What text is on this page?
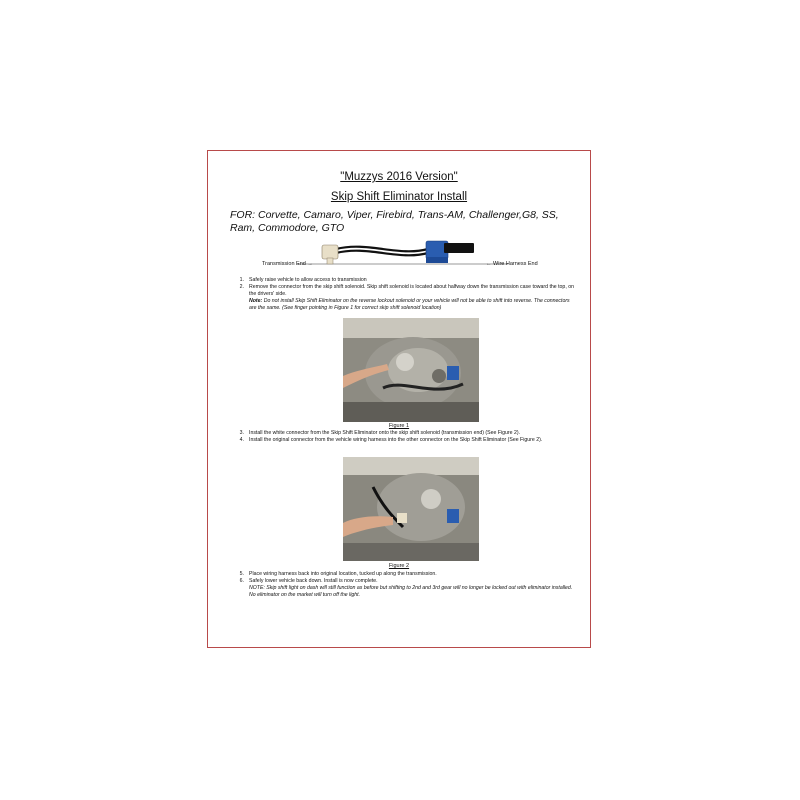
"Muzzys 2016 Version"
Skip Shift Eliminator Install
FOR: Corvette, Camaro, Viper, Firebird, Trans-AM, Challenger,G8, SS, Ram, Commodore, GTO
Transmission End →	← Wire Harness End
1. Safely raise vehicle to allow access to transmission
2. Remove the connector from the skip shift solenoid. Skip shift solenoid is located about halfway down the transmission case toward the top, on the drivers' side.
Note: Do not install Skip Shift Eliminator on the reverse lockout solenoid or your vehicle will not be able to shift into reverse. The connectors are the same. (See finger pointing in Figure 1 for correct skip shift solenoid location)
Figure 1
3. Install the white connector from the Skip Shift Eliminator onto the skip shift solenoid (transmission end) (See Figure 2).
4. Install the original connector from the vehicle wiring harness into the other connector on the Skip Shift Eliminator (See Figure 2).
Figure 2
5. Place wiring harness back into original location, tucked up along the transmission.
6. Safely lower vehicle back down. Install is now complete.
NOTE: Skip shift light on dash will still function as before but shifting to 2nd and 3rd gear will no longer be locked out with eliminator installed. No eliminator on the market will turn off the light.
